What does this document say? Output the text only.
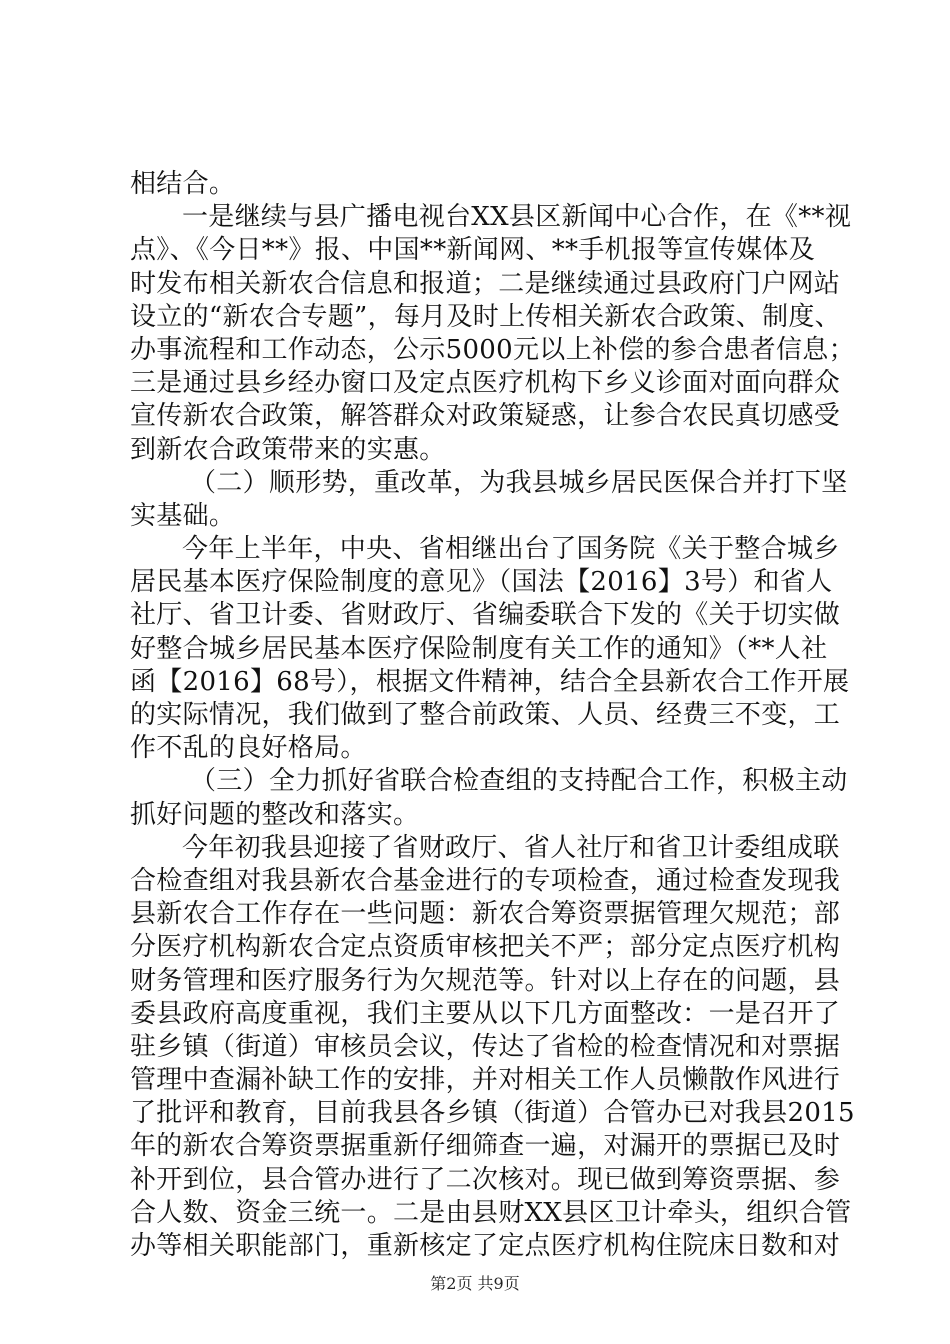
相结合。
一是继续与县广播电视台XX县区新闻中心合作，在《**视
点》、《今日**》报、中国**新闻网、**手机报等宣传媒体及
时发布相关新农合信息和报道；二是继续通过县政府门户网站
设立的“新农合专题”，每月及时上传相关新农合政策、制度、
办事流程和工作动态，公示5000元以上补偿的参合患者信息；
三是通过县乡经办窗口及定点医疗机构下乡义诊面对面向群众
宣传新农合政策，解答群众对政策疑惑，让参合农民真切感受
到新农合政策带来的实惠。
（二）顺形势，重改革，为我县城乡居民医保合并打下坚
实基础。
今年上半年，中央、省相继出台了国务院《关于整合城乡
居民基本医疗保险制度的意见》（国法【2016】3号）和省人
社厅、省卫计委、省财政厅、省编委联合下发的《关于切实做
好整合城乡居民基本医疗保险制度有关工作的通知》（**人社
函【2016】68号），根据文件精神，结合全县新农合工作开展
的实际情况，我们做到了整合前政策、人员、经费三不变，工
作不乱的良好格局。
（三）全力抓好省联合检查组的支持配合工作，积极主动
抓好问题的整改和落实。
今年初我县迎接了省财政厅、省人社厅和省卫计委组成联
合检查组对我县新农合基金进行的专项检查，通过检查发现我
县新农合工作存在一些问题：新农合筹资票据管理欠规范；部
分医疗机构新农合定点资质审核把关不严；部分定点医疗机构
财务管理和医疗服务行为欠规范等。针对以上存在的问题，县
委县政府高度重视，我们主要从以下几方面整改：一是召开了
驻乡镇（街道）审核员会议，传达了省检的检查情况和对票据
管理中查漏补缺工作的安排，并对相关工作人员懒散作风进行
了批评和教育，目前我县各乡镇（街道）合管办已对我县2015
年的新农合筹资票据重新仔细筛查一遍，对漏开的票据已及时
补开到位，县合管办进行了二次核对。现已做到筹资票据、参
合人数、资金三统一。二是由县财XX县区卫计牵头，组织合管
办等相关职能部门，重新核定了定点医疗机构住院床日数和对
第2页 共9页
